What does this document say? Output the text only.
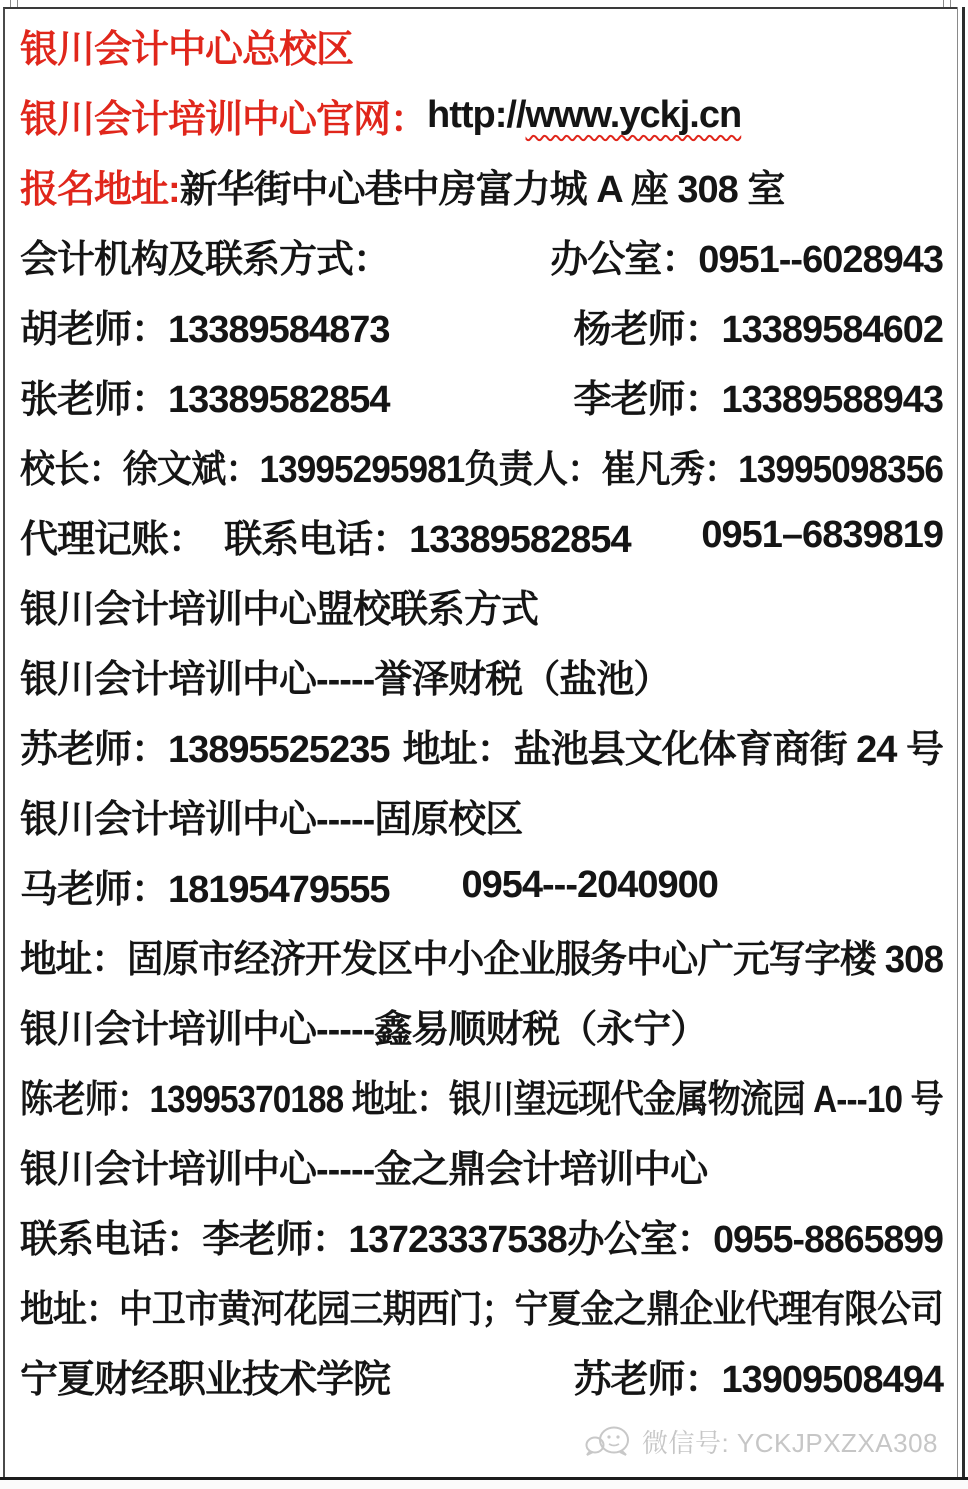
银川会计中心总校区
银川会计培训中心官网： http:// www.yckj.cn
报名地址: 新华街中心巷中房富力城 A 座 308 室
会计机构及联系方式：	办公室：0951--6028943
胡老师：13389584873	杨老师：13389584602
张老师：13389582854	李老师：13389588943
校长：徐文斌：13995295981 负责人：崔凡秀：13995098356
代理记账：  联系电话：13389582854 0951–6839819
银川会计培训中心盟校联系方式
银川会计培训中心-----誉泽财税（盐池）
苏老师：13895525235 地址：盐池县文化体育商街 24 号
银川会计培训中心-----固原校区
马老师：18195479555 0954---2040900
地址：固原市经济开发区中小企业服务中心广元写字楼 308
银川会计培训中心-----鑫易顺财税（永宁）
陈老师：13995370188 地址：银川望远现代金属物流园 A---10 号
银川会计培训中心-----金之鼎会计培训中心
联系电话：李老师：13723337538 办公室：0955-8865899
地址：中卫市黄河花园三期西门；宁夏金之鼎企业代理有限公司
宁夏财经职业技术学院	苏老师：13909508494
微信号: YCKJPXZXA308
